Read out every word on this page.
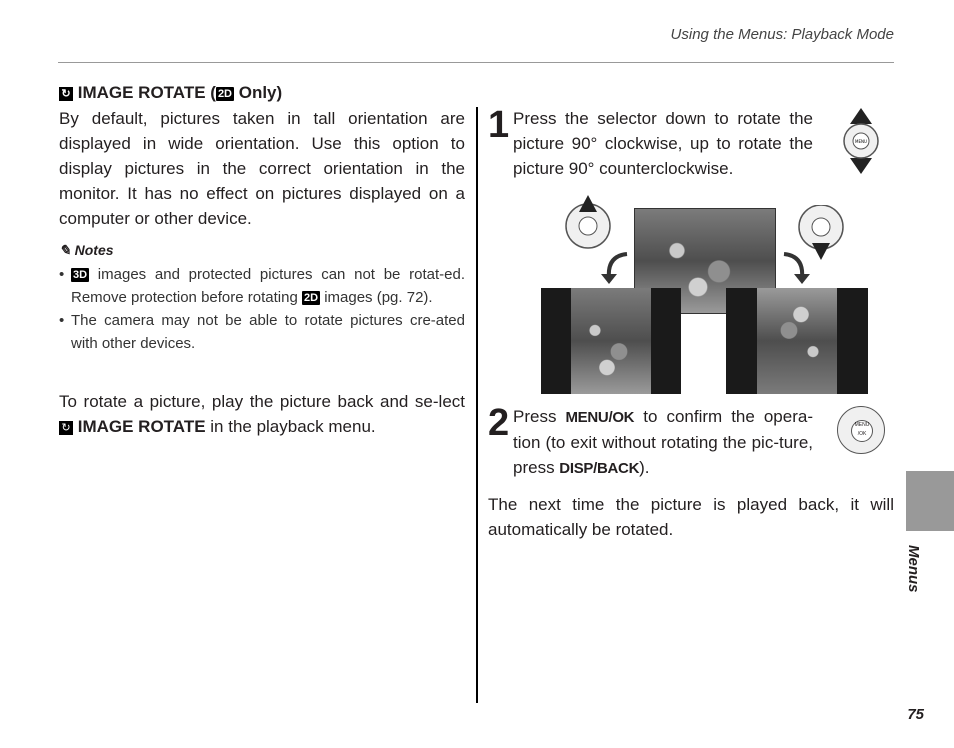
Using the Menus: Playback Mode
↻ IMAGE ROTATE ( 2D Only)
By default, pictures taken in tall orientation are displayed in wide orientation. Use this option to display pictures in the correct orientation in the monitor. It has no effect on pictures displayed on a computer or other device.
✎ Notes
• 3D images and protected pictures can not be rotat-ed. Remove protection before rotating 2D images (pg. 72).
• The camera may not be able to rotate pictures cre-ated with other devices.
To rotate a picture, play the picture back and se-lect ↻ IMAGE ROTATE in the playback menu.
1 Press the selector down to rotate the picture 90° clockwise, up to rotate the picture 90° counterclockwise.
MENU
2 Press MENU/OK to confirm the opera-tion (to exit without rotating the pic-ture, press DISP/BACK).
MENU /OK
The next time the picture is played back, it will automatically be rotated.
Menus
75
